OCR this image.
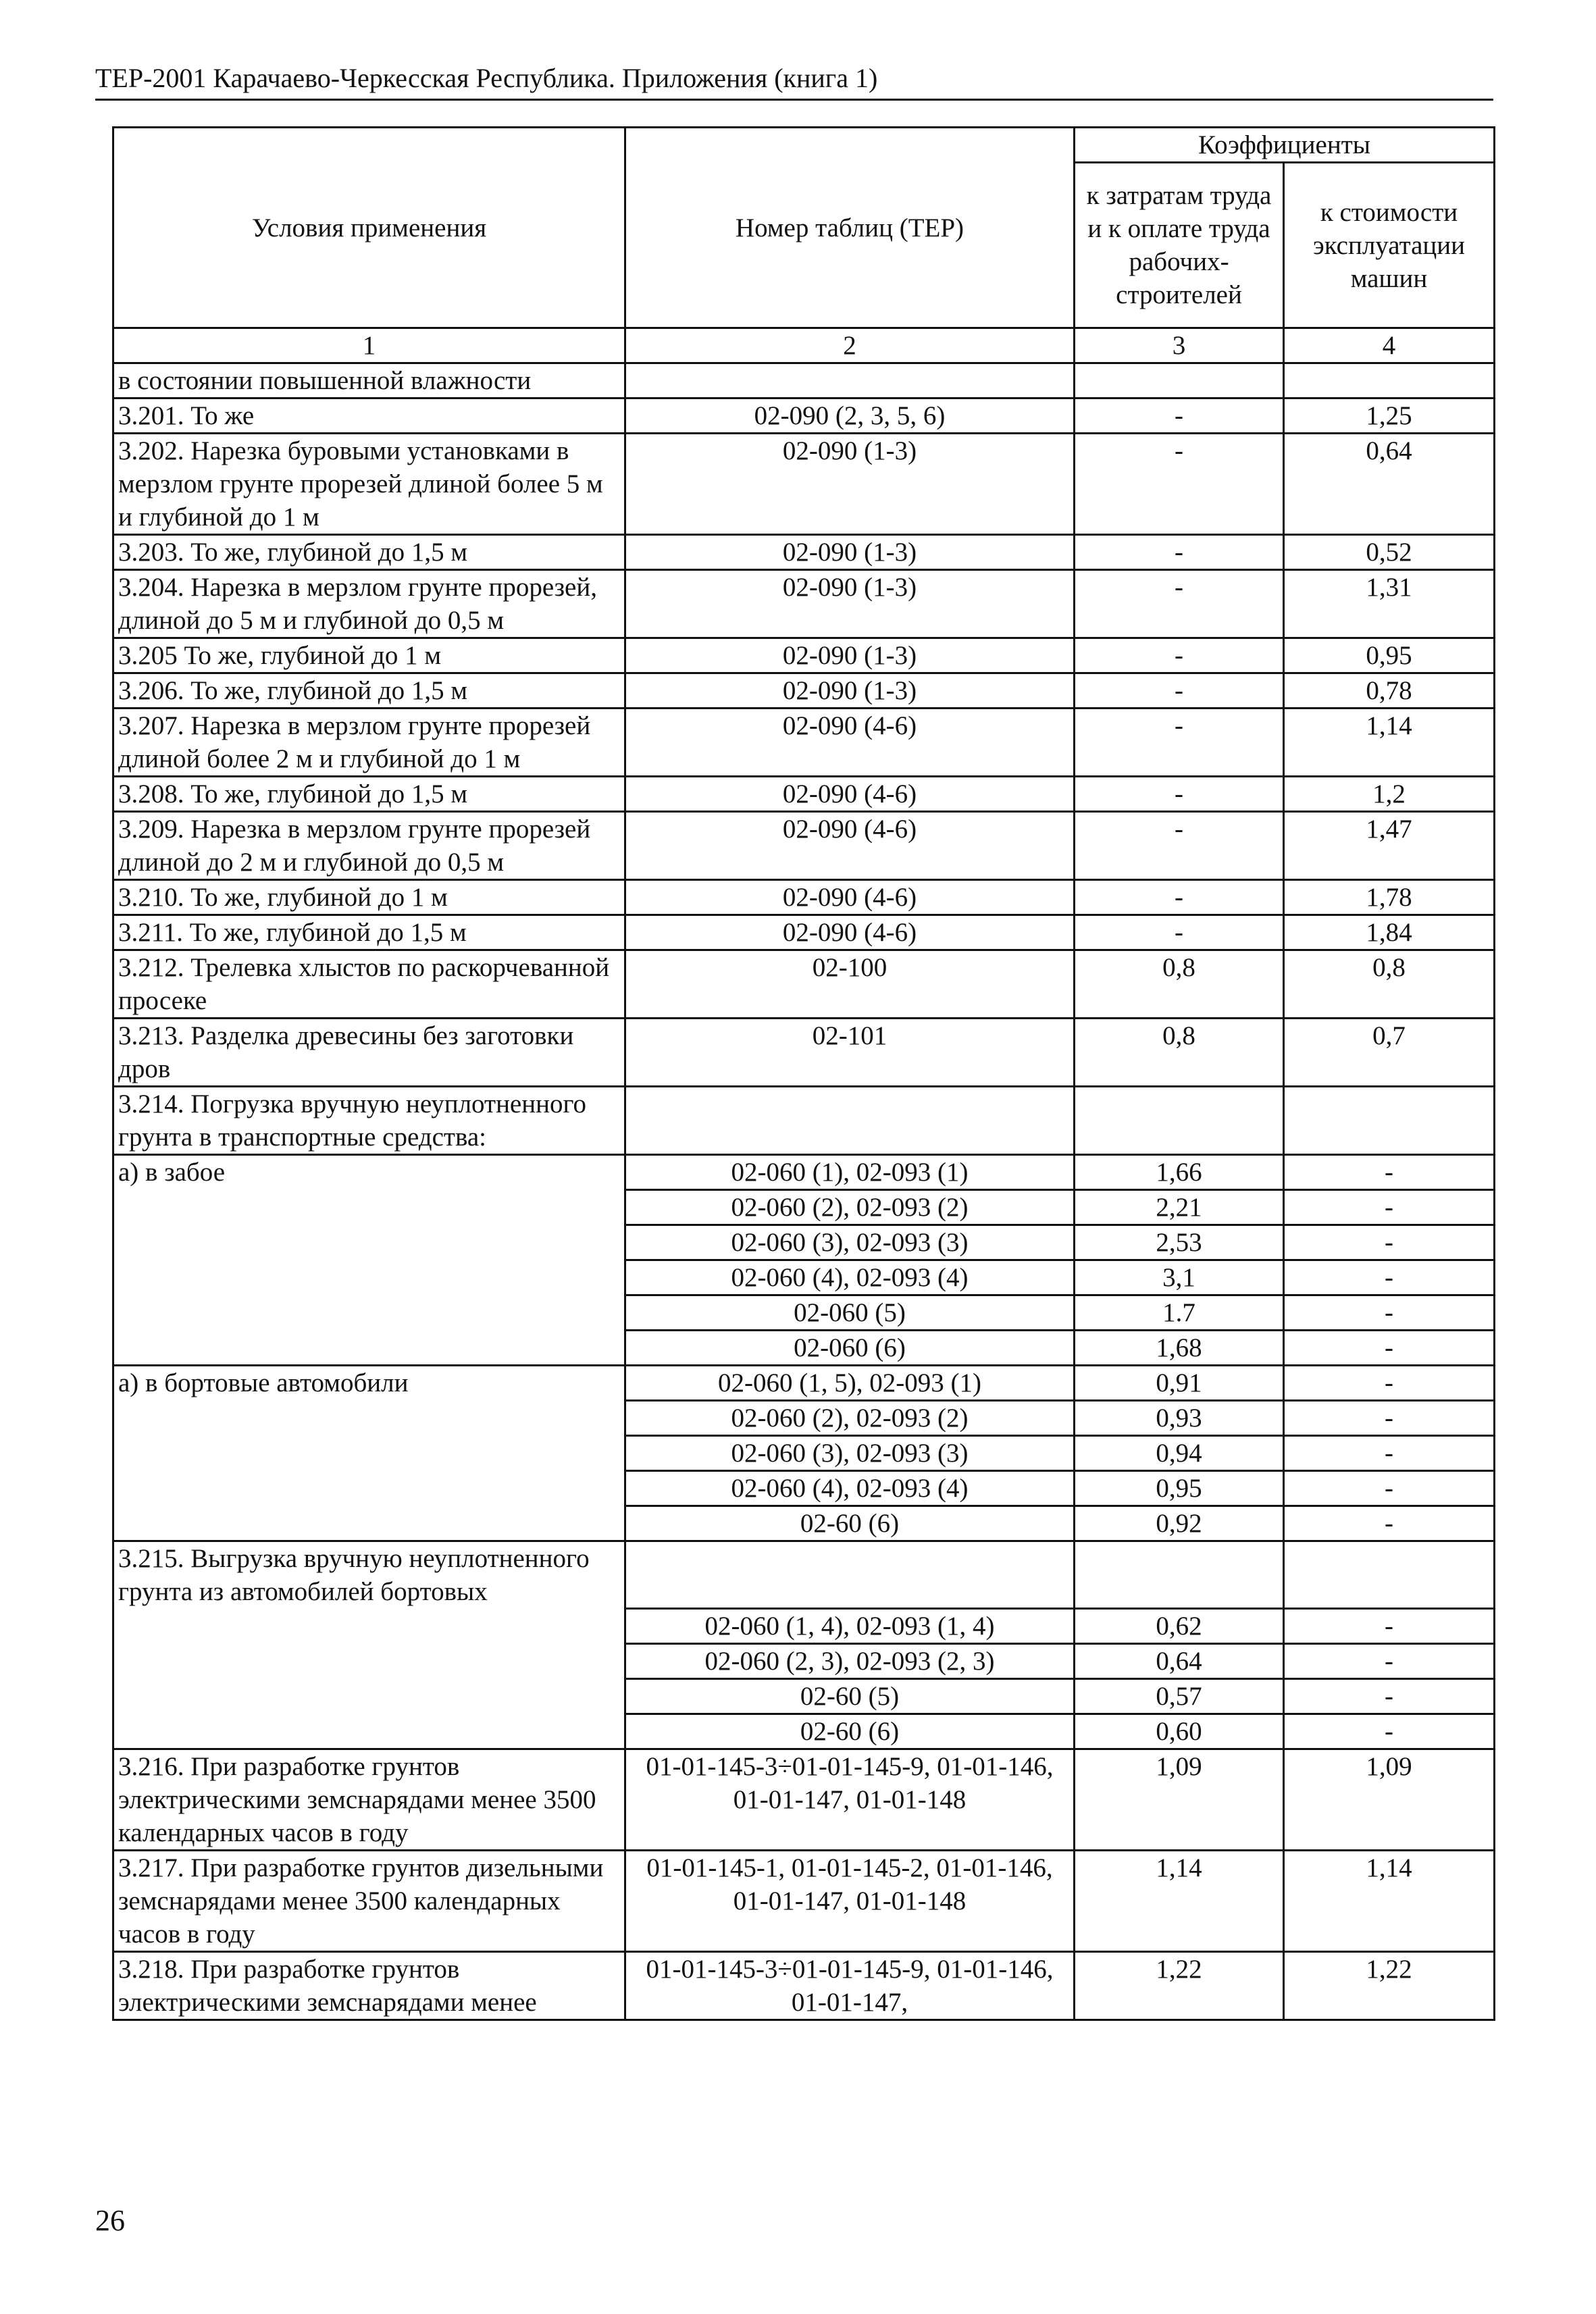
ТЕР-2001 Карачаево-Черкесская Республика. Приложения (книга 1)
Условия применения	Номер таблиц (ТЕР)	Коэффициенты	
		к затратам труда и к оплате труда рабочих-строителей	к стоимости эксплуатации машин
1	2	3	4
в состоянии повышенной влажности			
3.201. То же	02-090 (2, 3, 5, 6)	-	1,25
3.202. Нарезка буровыми установками в мерзлом грунте прорезей длиной более 5 м и глубиной до 1 м	02-090 (1-3)	-	0,64
3.203. То же, глубиной до 1,5 м	02-090 (1-3)	-	0,52
3.204. Нарезка в мерзлом грунте прорезей, длиной до 5 м и глубиной до 0,5 м	02-090 (1-3)	-	1,31
3.205 То же, глубиной до 1 м	02-090 (1-3)	-	0,95
3.206. То же, глубиной до 1,5 м	02-090 (1-3)	-	0,78
3.207. Нарезка в мерзлом грунте прорезей длиной более 2 м и глубиной до 1 м	02-090 (4-6)	-	1,14
3.208. То же, глубиной до 1,5 м	02-090 (4-6)	-	1,2
3.209. Нарезка в мерзлом грунте прорезей длиной до 2 м и глубиной до 0,5 м	02-090 (4-6)	-	1,47
3.210. То же, глубиной до 1 м	02-090 (4-6)	-	1,78
3.211. То же, глубиной до 1,5 м	02-090 (4-6)	-	1,84
3.212. Трелевка хлыстов по раскорчеванной просеке	02-100	0,8	0,8
3.213. Разделка древесины без заготовки дров	02-101	0,8	0,7
3.214. Погрузка вручную неуплотненного грунта в транспортные средства:			
а) в забое	02-060 (1), 02-093 (1)	1,66	-
	02-060 (2), 02-093 (2)	2,21	-
	02-060 (3), 02-093 (3)	2,53	-
	02-060 (4), 02-093 (4)	3,1	-
	02-060 (5)	1.7	-
	02-060 (6)	1,68	-
а) в бортовые автомобили	02-060 (1, 5), 02-093 (1)	0,91	-
	02-060 (2), 02-093 (2)	0,93	-
	02-060 (3), 02-093 (3)	0,94	-
	02-060 (4), 02-093 (4)	0,95	-
	02-60 (6)	0,92	-
3.215. Выгрузка вручную неуплотненного грунта из автомобилей бортовых			
	02-060 (1, 4), 02-093 (1, 4)	0,62	-
	02-060 (2, 3), 02-093 (2, 3)	0,64	-
	02-60 (5)	0,57	-
	02-60 (6)	0,60	-
3.216. При разработке грунтов электрическими земснарядами менее 3500 календарных часов в году	01-01-145-3÷01-01-145-9, 01-01-146, 01-01-147, 01-01-148	1,09	1,09
3.217. При разработке грунтов дизельными земснарядами менее 3500 календарных часов в году	01-01-145-1, 01-01-145-2, 01-01-146, 01-01-147, 01-01-148	1,14	1,14
3.218. При разработке грунтов электрическими земснарядами менее	01-01-145-3÷01-01-145-9, 01-01-146, 01-01-147,	1,22	1,22
26
